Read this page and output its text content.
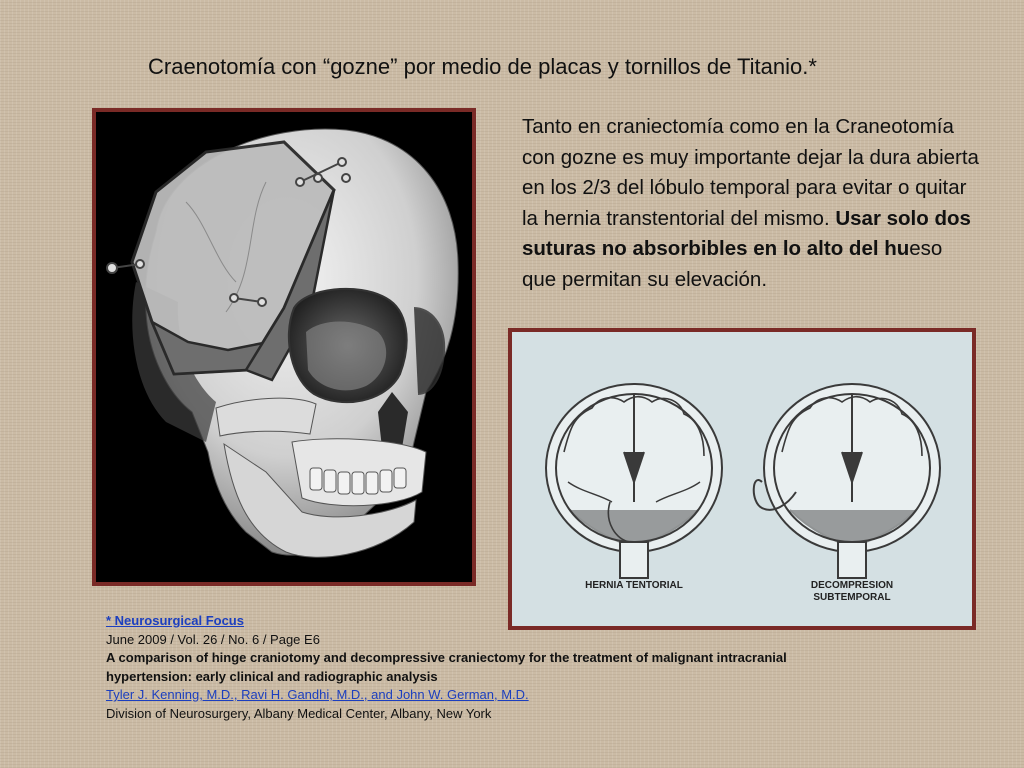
Craenotomía con “gozne” por medio de placas y tornillos de Titanio.*
Tanto en craniectomía como en la Craneotomía con gozne es muy importante dejar la dura abierta en los 2/3 del lóbulo temporal para evitar o quitar la hernia transtentorial del mismo. Usar solo dos suturas no absorbibles en lo alto del hueso que permitan su elevación.
HERNIA TENTORIAL	DECOMPRESION
SUBTEMPORAL
* Neurosurgical Focus
June 2009 / Vol. 26 / No. 6 / Page E6
A comparison of hinge craniotomy and decompressive craniectomy for the treatment of malignant intracranial hypertension: early clinical and radiographic analysis
Tyler J. Kenning, M.D., Ravi H. Gandhi, M.D., and John W. German, M.D.
Division of Neurosurgery, Albany Medical Center, Albany, New York
